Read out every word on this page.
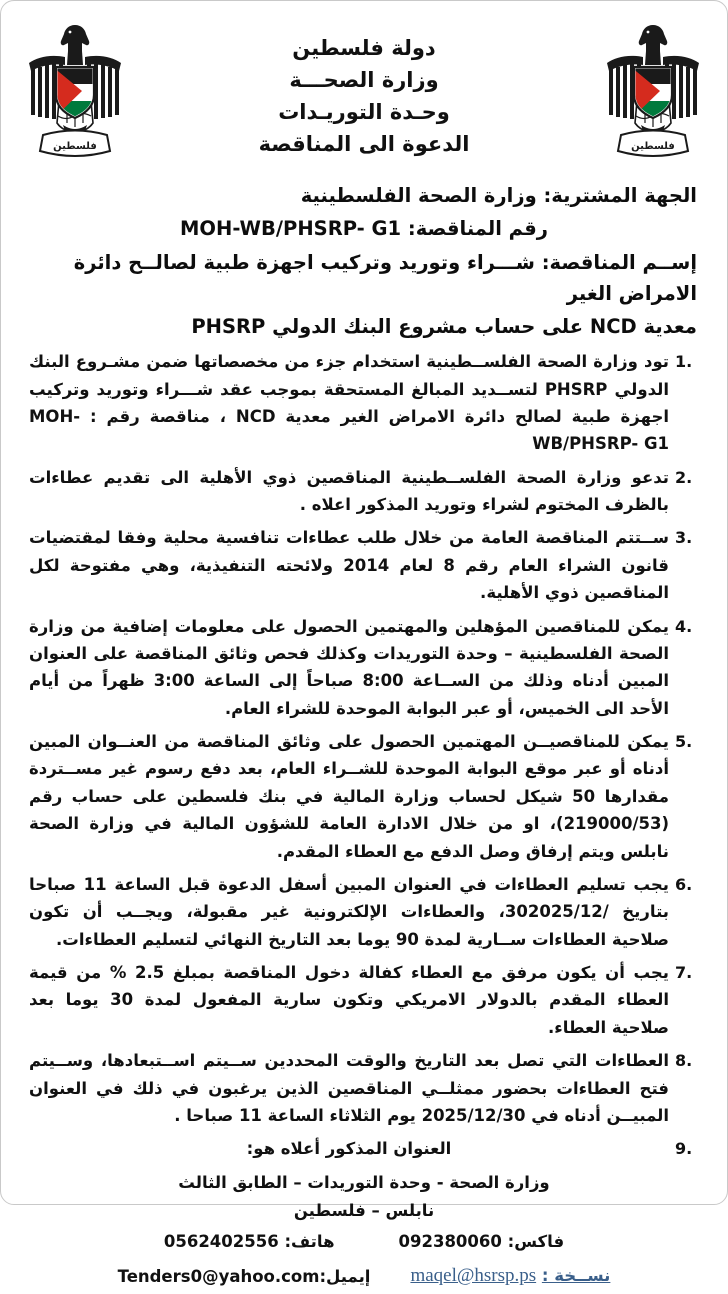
فلسطين
دولة فلسطين
وزارة الصحـــة
وحـدة التوريـدات
الدعوة الى المناقصة
فلسطين
الجهة المشترية: وزارة الصحة الفلسطينية
رقم المناقصة: MOH-WB/PHSRP- G1
إســم المناقصة: شـــراء وتوريد وتركيب اجهزة طبية لصالــح دائرة الامراض الغير
معدية NCD على حساب مشروع البنك الدولي PHSRP
1.
تود وزارة الصحة الفلســطينية استخدام جزء من مخصصاتها ضمن مشـروع البنك الدولي PHSRP لتســديد المبالغ المستحقة بموجب عقد شـــراء وتوريد وتركيب اجهزة طبية لصالح دائرة الامراض الغير معدية NCD ، مناقصة رقم : MOH-WB/PHSRP- G1
2.
تدعو وزارة الصحة الفلســطينية المناقصين ذوي الأهلية الى تقديم عطاءات بالظرف المختوم لشراء وتوريد المذكور اعلاه .
3.
ســتتم المناقصة العامة من خلال طلب عطاءات تنافسية محلية وفقا لمقتضيات قانون الشراء العام رقم 8 لعام 2014 ولائحته التنفيذية، وهي مفتوحة لكل المناقصين ذوي الأهلية.
4.
يمكن للمناقصين المؤهلين والمهتمين الحصول على معلومات إضافية من وزارة الصحة الفلسطينية – وحدة التوريدات وكذلك فحص وثائق المناقصة على العنوان المبين أدناه وذلك من الســاعة 8:00 صباحاً إلى الساعة 3:00 ظهراً من أيام الأحد الى الخميس، أو عبر البوابة الموحدة للشراء العام.
5.
يمكن للمناقصيــن المهتمين الحصول على وثائق المناقصة من العنــوان المبين أدناه أو عبر موقع البوابة الموحدة للشــراء العام، بعد دفع رسوم غير مســتردة مقدارها 50 شيكل لحساب وزارة المالية في بنك فلسطين على حساب رقم (219000/53)، او من خلال الادارة العامة للشؤون المالية في وزارة الصحة نابلس ويتم إرفاق وصل الدفع مع العطاء المقدم.
6.
يجب تسليم العطاءات في العنوان المبين أسفل الدعوة قبل الساعة 11 صباحا بتاريخ /302025/12، والعطاءات الإلكترونية غير مقبولة، ويجــب أن تكون صلاحية العطاءات ســارية لمدة 90 يوما بعد التاريخ النهائي لتسليم العطاءات.
7.
يجب أن يكون مرفق مع العطاء كفالة دخول المناقصة بمبلغ 2.5 % من قيمة العطاء المقدم بالدولار الامريكي وتكون سارية المفعول لمدة 30 يوما بعد صلاحية العطاء.
8.
العطاءات التي تصل بعد التاريخ والوقت المحددين ســيتم اســتبعادها، وســيتم فتح العطاءات بحضور ممثلــي المناقصين الذين يرغبون في ذلك في العنوان المبيــن أدناه في 2025/12/30 يوم الثلاثاء الساعة 11 صباحا .
9.
العنوان المذكور أعلاه هو:
وزارة الصحة - وحدة التوريدات – الطابق الثالث
نابلس – فلسطين
فاكس: 092380060
هاتف: 0562402556
نســخة : maqel@hsrsp.ps
إيميل:Tenders0@yahoo.com
